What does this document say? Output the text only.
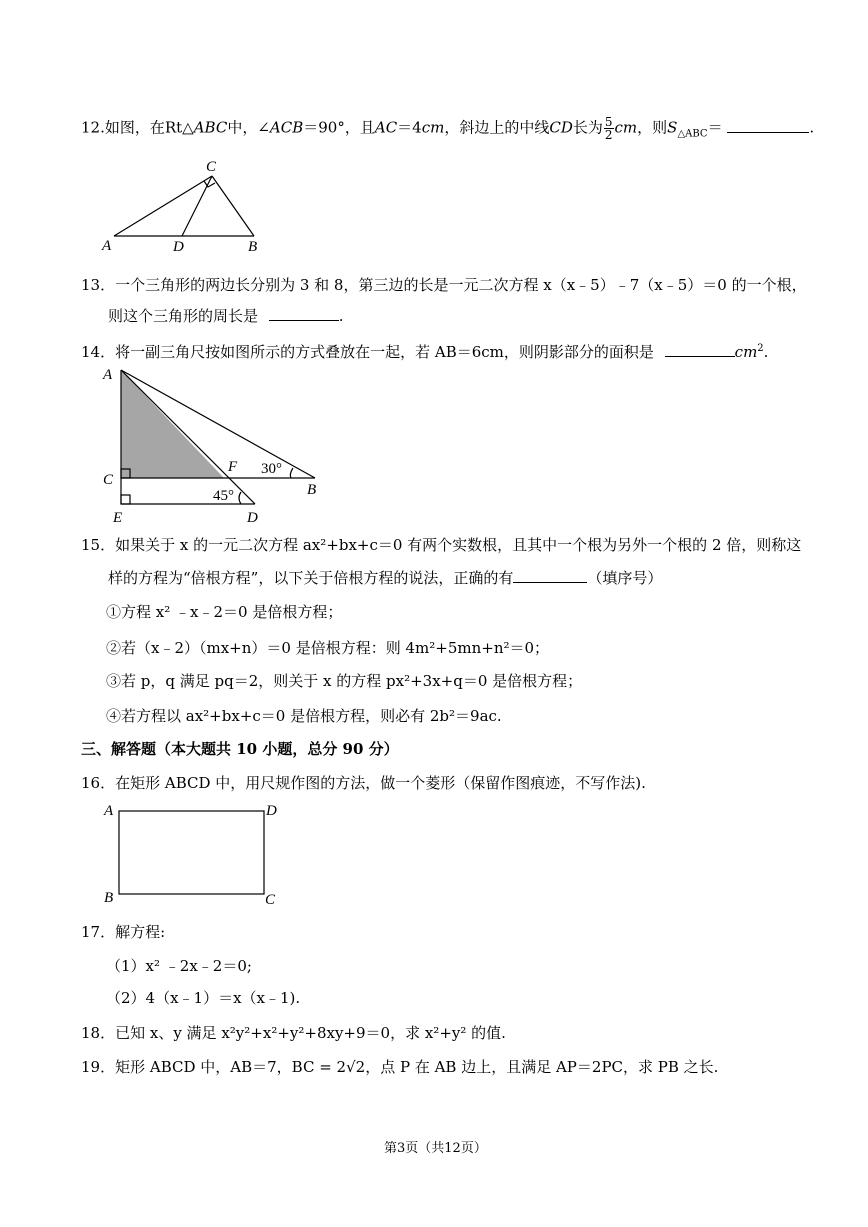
12.如图，在Rt△ABC中，∠ACB＝90°，且AC＝4cm，斜边上的中线CD长为 $\frac{5}{2}$ cm，则$S_{\triangle ABC}=$	.
A	D	B
C
13．一个三角形的两边长分别为 3 和 8，第三边的长是一元二次方程 x（x﹣5）﹣7（x﹣5）＝0 的一个根，
则这个三角形的周长是	.
14．将一副三角尺按如图所示的方式叠放在一起，若 AB＝6cm，则阴影部分的面积是	$cm^2$.
A
C
E	D
B
F 30°
45°
15．如果关于 x 的一元二次方程 ax²+bx+c＝0 有两个实数根，且其中一个根为另外一个根的 2 倍，则称这
样的方程为“倍根方程”，以下关于倍根方程的说法，正确的有	（填序号）
①方程 x² ﹣x﹣2＝0 是倍根方程；
②若（x﹣2）（mx+n）＝0 是倍根方程：则 4m²+5mn+n²＝0；
③若 p，q 满足 pq＝2，则关于 x 的方程 px²+3x+q＝0 是倍根方程；
④若方程以 ax²+bx+c＝0 是倍根方程，则必有 2b²＝9ac.
三、解答题（本大题共 10 小题，总分 90 分）
16．在矩形 ABCD 中，用尺规作图的方法，做一个菱形（保留作图痕迹，不写作法).
A	D
B	C
17．解方程:
（1）x² ﹣2x﹣2＝0;
（2）4（x﹣1）＝x（x﹣1).
18．已知 x、y 满足 x²y²+x²+y²+8xy+9＝0，求 x²+y² 的值.
19．矩形 ABCD 中，AB＝7，BC = 2√2，点 P 在 AB 边上，且满足 AP＝2PC，求 PB 之长.
第3页（共12页）
